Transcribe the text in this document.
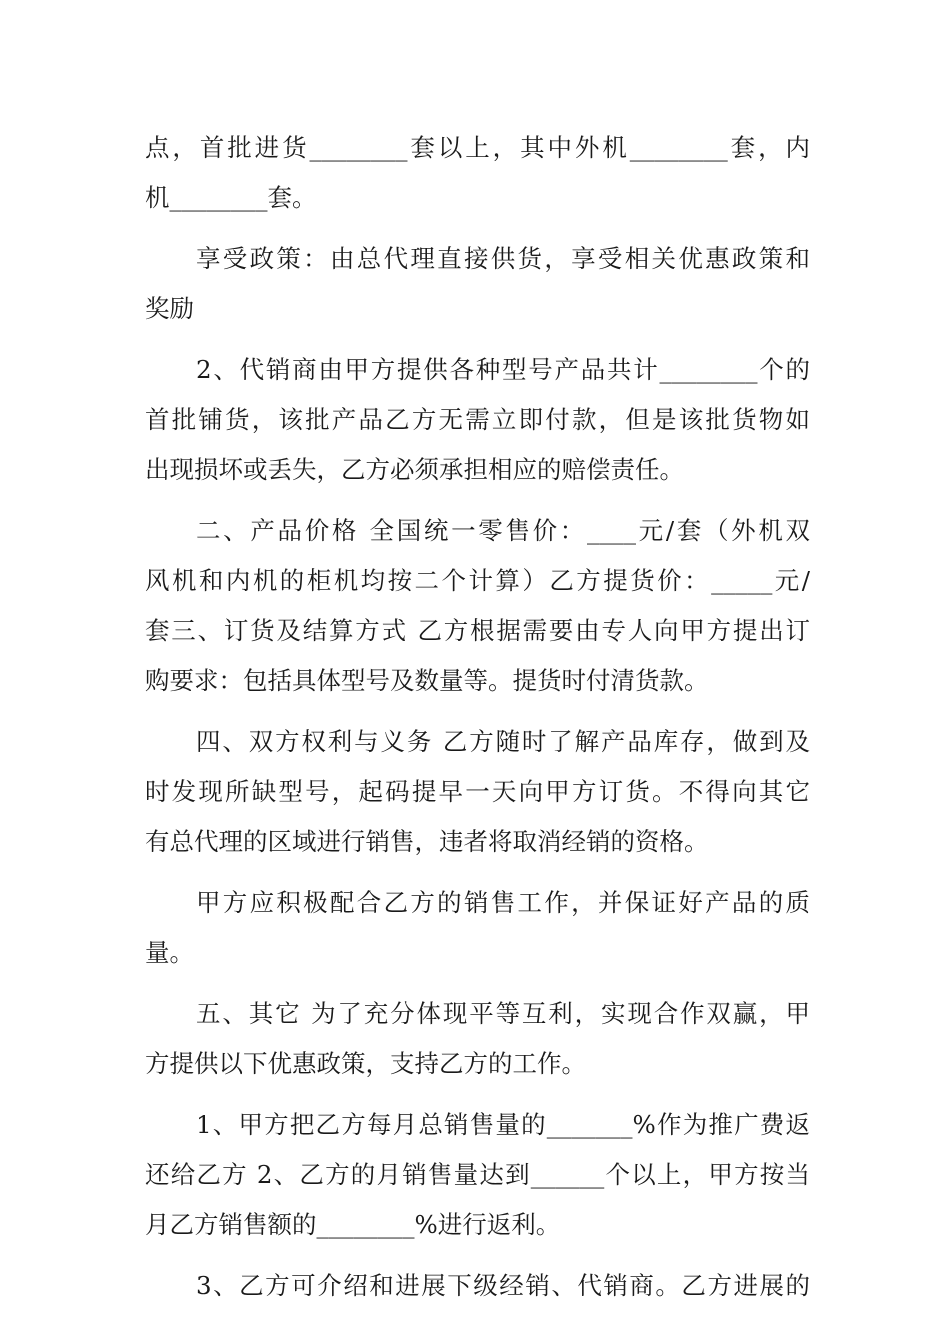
点，首批进货________套以上，其中外机________套，内
机________套。
享受政策：由总代理直接供货，享受相关优惠政策和
奖励
2、代销商由甲方提供各种型号产品共计________个的
首批铺货，该批产品乙方无需立即付款，但是该批货物如
出现损坏或丢失，乙方必须承担相应的赔偿责任。
二、产品价格 全国统一零售价：____元/套（外机双
风机和内机的柜机均按二个计算）乙方提货价：_____元/
套三、订货及结算方式 乙方根据需要由专人向甲方提出订
购要求：包括具体型号及数量等。提货时付清货款。
四、双方权利与义务 乙方随时了解产品库存，做到及
时发现所缺型号，起码提早一天向甲方订货。不得向其它
有总代理的区域进行销售，违者将取消经销的资格。
甲方应积极配合乙方的销售工作，并保证好产品的质
量。
五、其它 为了充分体现平等互利，实现合作双赢，甲
方提供以下优惠政策，支持乙方的工作。
1、甲方把乙方每月总销售量的_______%作为推广费返
还给乙方 2、乙方的月销售量达到______个以上，甲方按当
月乙方销售额的________%进行返利。
3、乙方可介绍和进展下级经销、代销商。乙方进展的
